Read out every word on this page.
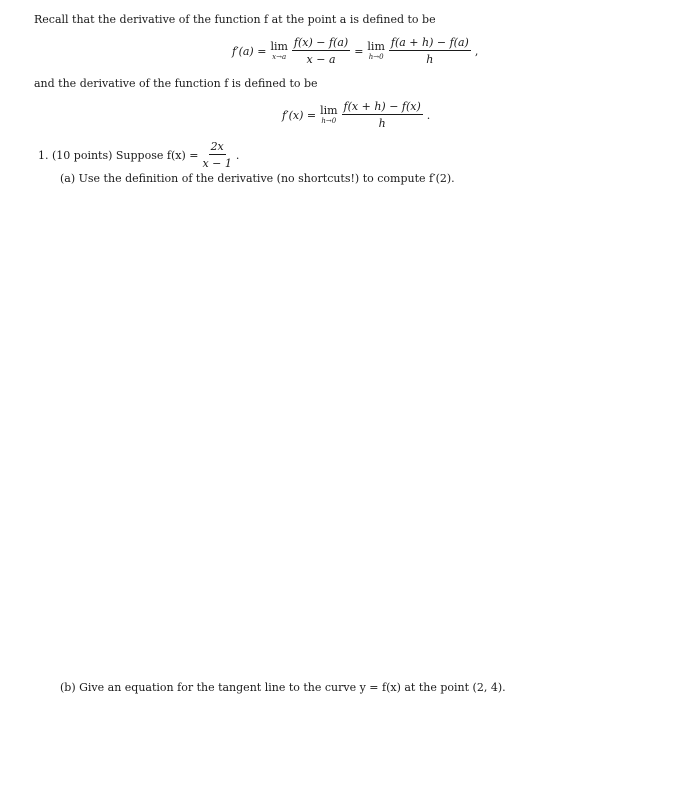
Recall that the derivative of the function f at the point a is defined to be
f′(a) = lim
$x\to a \frac{f(x) - f(a)}{x - a} = \lim$
$h\to 0 \frac{f(a + h) - f(a)}{h}$ ,
and the derivative of the function f is defined to be
f′(x) = lim
$h\to 0 \frac{f(x + h) - f(x)}{h}$ .
1. (10 points) Suppose $f(x) = \frac{2x}{x - 1}$ .
(a) Use the definition of the derivative (no shortcuts!) to compute f′(2).
(b) Give an equation for the tangent line to the curve y = f(x) at the point (2, 4).
